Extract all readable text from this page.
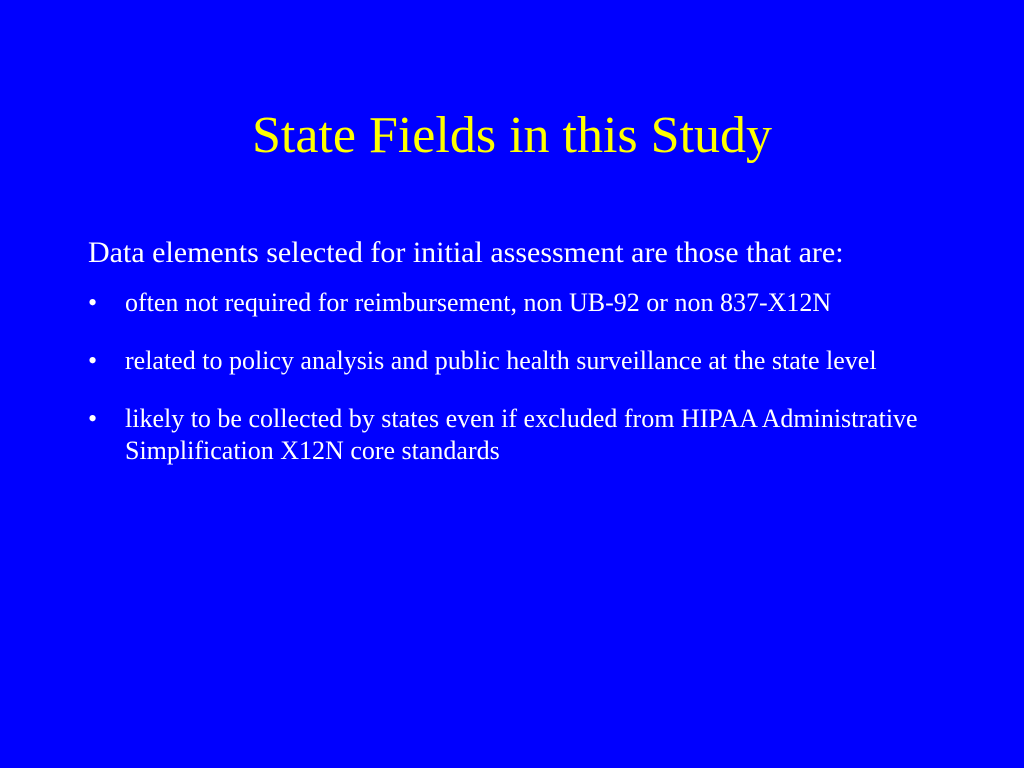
State Fields in this Study

Data elements selected for initial assessment are those that are:

• often not required for reimbursement, non UB-92 or non 837-X12N
• related to policy analysis and public health surveillance at the state level
• likely to be collected by states even if excluded from HIPAA Administrative Simplification X12N core standards
